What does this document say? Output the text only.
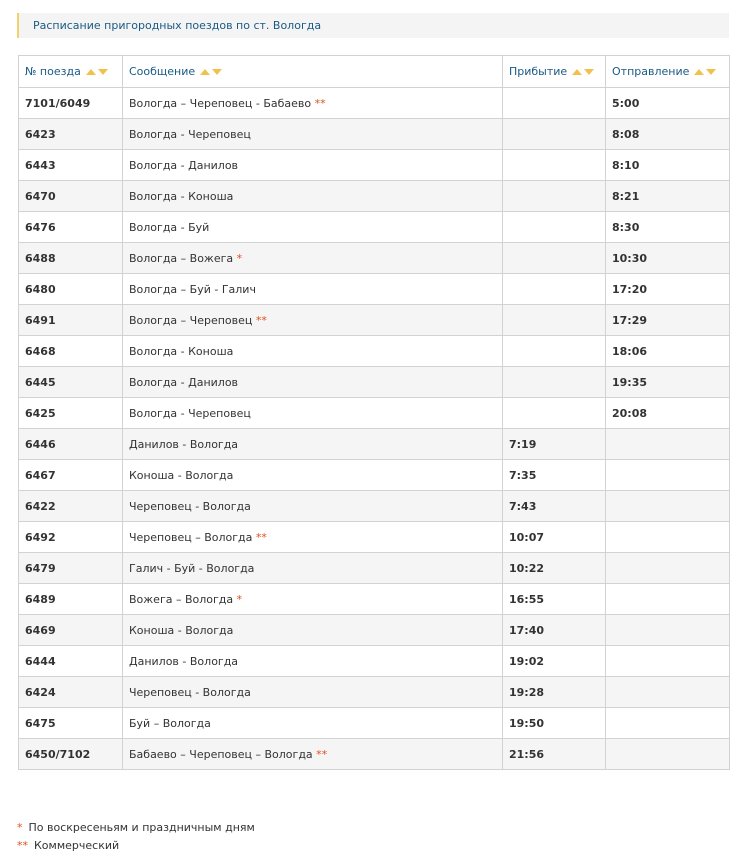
Расписание пригородных поездов по ст. Вологда
№ поезда	Сообщение	Прибытие	Отправление

7101/6049	Вологда – Череповец - Бабаево **		5:00
6423	Вологда - Череповец		8:08
6443	Вологда - Данилов		8:10
6470	Вологда - Коноша		8:21
6476	Вологда - Буй		8:30
6488	Вологда – Вожега *		10:30
6480	Вологда – Буй - Галич		17:20
6491	Вологда – Череповец **		17:29
6468	Вологда - Коноша		18:06
6445	Вологда - Данилов		19:35
6425	Вологда - Череповец		20:08
6446	Данилов - Вологда	7:19	
6467	Коноша - Вологда	7:35	
6422	Череповец - Вологда	7:43	
6492	Череповец – Вологда **	10:07	
6479	Галич - Буй - Вологда	10:22	
6489	Вожега – Вологда *	16:55	
6469	Коноша - Вологда	17:40	
6444	Данилов - Вологда	19:02	
6424	Череповец - Вологда	19:28	
6475	Буй – Вологда	19:50	
6450/7102	Бабаево – Череповец – Вологда **	21:56	
* По воскресеньям и праздничным дням
** Коммерческий
